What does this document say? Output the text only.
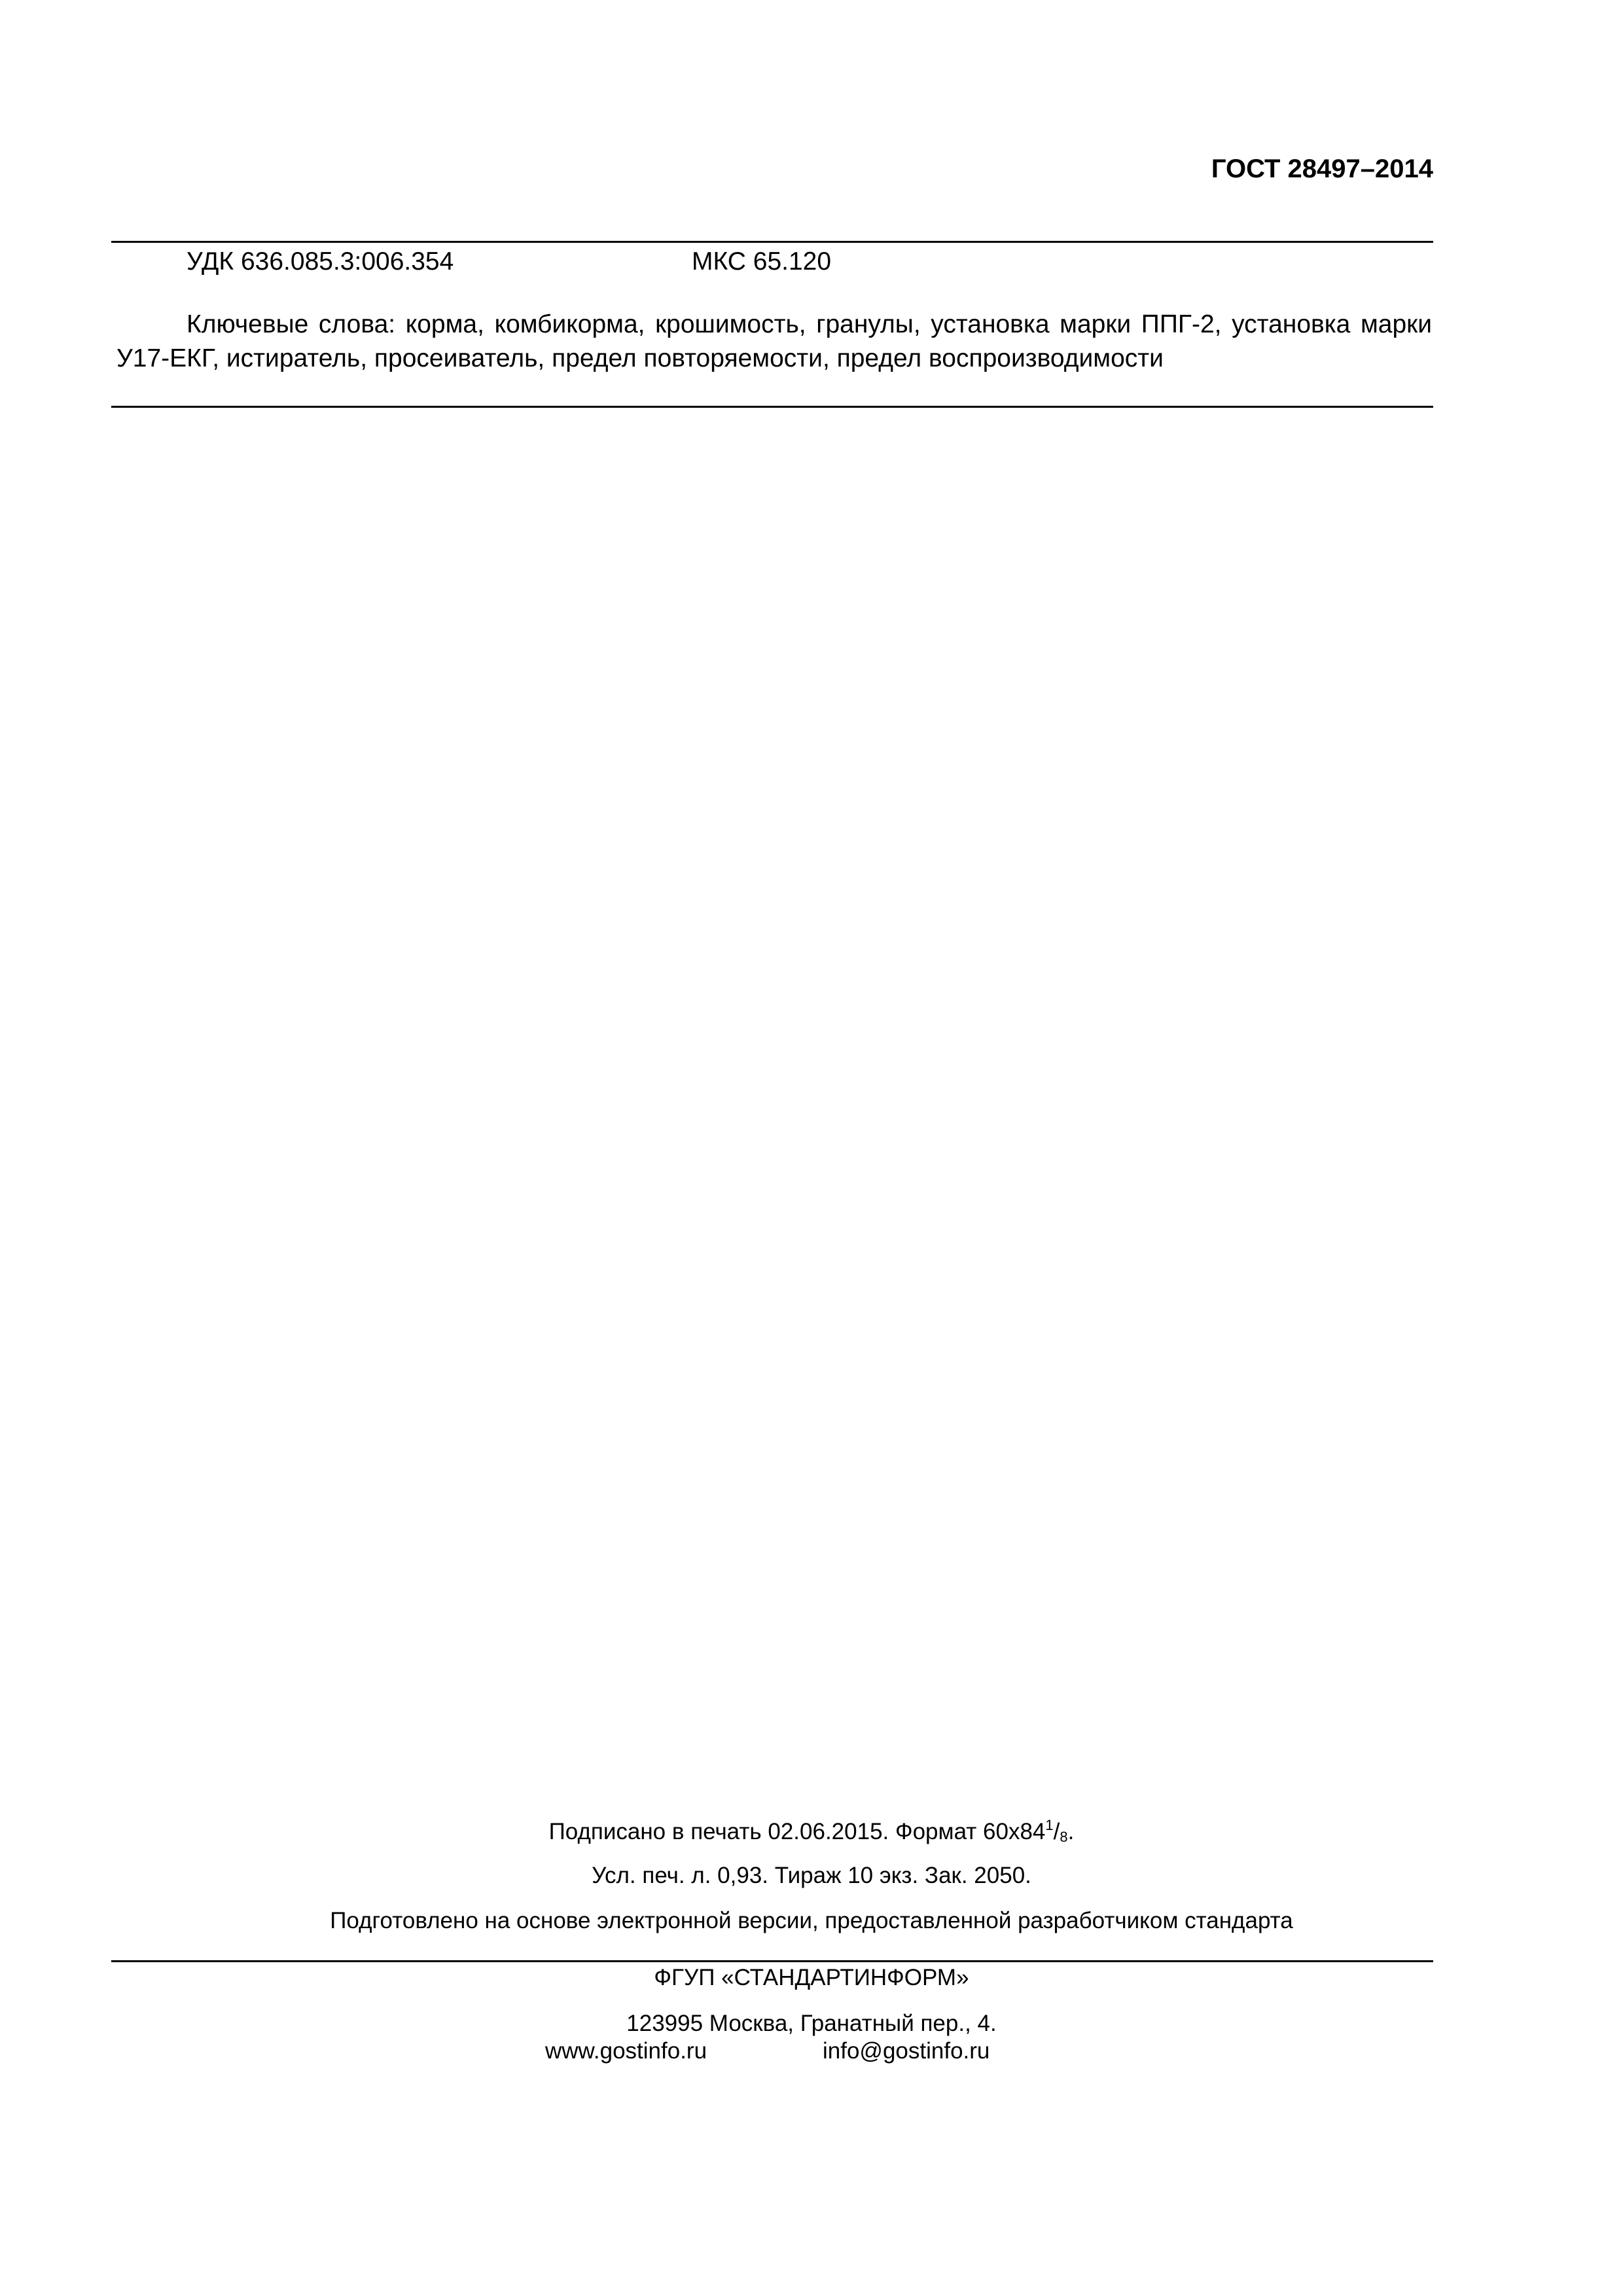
ГОСТ 28497–2014
УДК 636.085.3:006.354	МКС 65.120

Ключевые слова: корма, комбикорма, крошимость, гранулы, установка марки ППГ-2, установка марки У17-ЕКГ, истиратель, просеиватель, предел повторяемости, предел воспроизводимости

Подписано в печать 02.06.2015. Формат $60х84^1/_8$.
Усл. печ. л. 0,93. Тираж 10 экз. Зак. 2050.
Подготовлено на основе электронной версии, предоставленной разработчиком стандарта
ФГУП «СТАНДАРТИНФОРМ»
123995 Москва, Гранатный пер., 4.
www.gostinfo.ru	info@gostinfo.ru
